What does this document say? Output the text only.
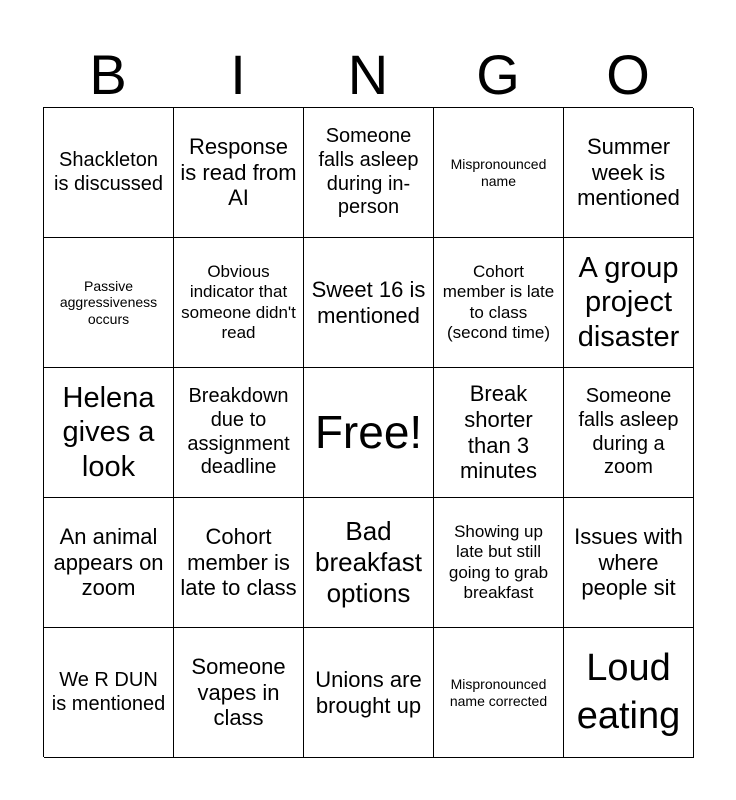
B	I	N	G	O
Shackleton is discussed
Response is read from AI
Someone falls asleep during in-person
Mispronounced name
Summer week is mentioned
Passive aggressiveness occurs
Obvious indicator that someone didn't read
Sweet 16 is mentioned
Cohort member is late to class (second time)
A group project disaster
Helena gives a look
Breakdown due to assignment deadline
Free!
Break shorter than 3 minutes
Someone falls asleep during a zoom
An animal appears on zoom
Cohort member is late to class
Bad breakfast options
Showing up late but still going to grab breakfast
Issues with where people sit
We R DUN is mentioned
Someone vapes in class
Unions are brought up
Mispronounced name corrected
Loud eating
